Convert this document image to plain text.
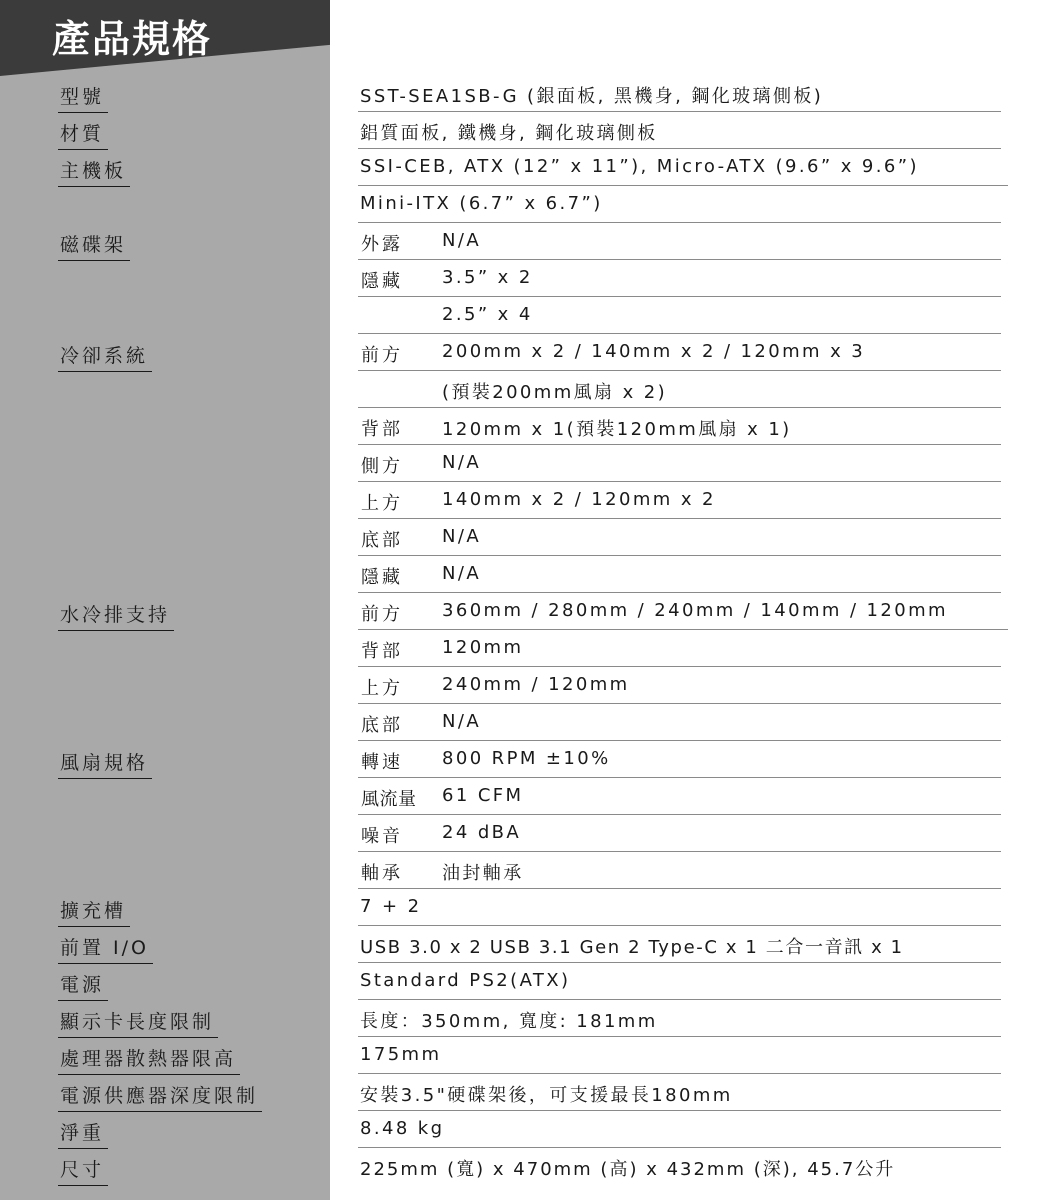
產品規格
型號
材質
主機板
磁碟架
冷卻系統
水冷排支持
風扇規格
擴充槽
前置 I/O
電源
顯示卡長度限制
處理器散熱器限高
電源供應器深度限制
淨重
尺寸
SST-SEA1SB-G (銀面板, 黑機身, 鋼化玻璃側板)
鋁質面板, 鐵機身, 鋼化玻璃側板
SSI-CEB, ATX (12” x 11”), Micro-ATX (9.6” x 9.6”)
Mini-ITX (6.7” x 6.7”)
外露 N/A
隱藏 3.5” x 2
2.5” x 4
前方 200mm x 2 / 140mm x 2 / 120mm x 3
(預裝200mm風扇 x 2)
背部 120mm x 1(預裝120mm風扇 x 1)
側方 N/A
上方 140mm x 2 / 120mm x 2
底部 N/A
隱藏 N/A
前方 360mm / 280mm / 240mm / 140mm / 120mm
背部 120mm
上方 240mm / 120mm
底部 N/A
轉速 800 RPM ±10%
風流量 61 CFM
噪音 24 dBA
軸承 油封軸承
7 + 2
USB 3.0 x 2 USB 3.1 Gen 2 Type-C x 1 二合一音訊 x 1
Standard PS2(ATX)
長度：350mm, 寬度: 181mm
175mm
安裝3.5"硬碟架後，可支援最長180mm
8.48 kg
225mm (寬) x 470mm (高) x 432mm (深), 45.7公升
